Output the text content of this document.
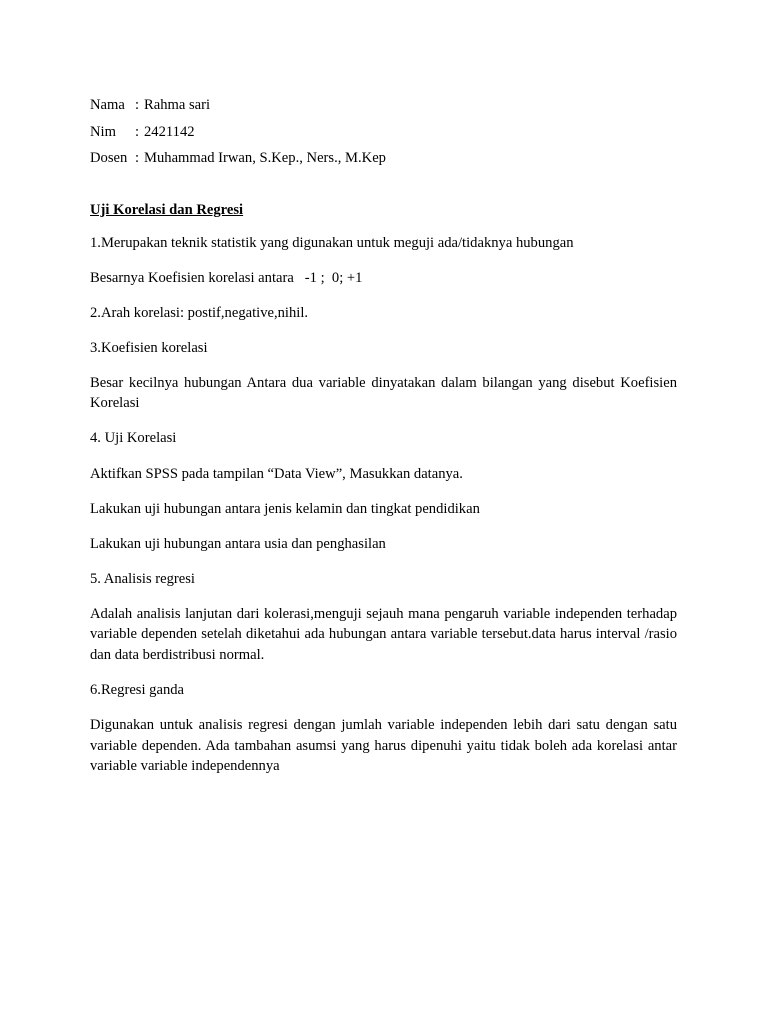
Nama	:	Rahma sari
Nim	:	2421142
Dosen	:	Muhammad Irwan, S.Kep., Ners., M.Kep
Uji Korelasi dan Regresi

1.Merupakan teknik statistik yang digunakan untuk meguji ada/tidaknya hubungan

Besarnya Koefisien korelasi antara   -1 ;  0; +1

2.Arah korelasi: postif,negative,nihil.

3.Koefisien korelasi

Besar kecilnya hubungan Antara dua variable dinyatakan dalam bilangan yang disebut Koefisien Korelasi

4. Uji Korelasi

Aktifkan SPSS pada tampilan “Data View”, Masukkan datanya.

Lakukan uji hubungan antara jenis kelamin dan tingkat pendidikan

Lakukan uji hubungan antara usia dan penghasilan

5. Analisis regresi

Adalah analisis lanjutan dari kolerasi,menguji sejauh mana pengaruh variable independen terhadap variable dependen setelah diketahui ada hubungan antara variable tersebut.data harus interval /rasio dan data berdistribusi normal.

6.Regresi ganda

Digunakan untuk analisis regresi dengan jumlah variable independen lebih dari satu dengan satu variable dependen. Ada tambahan asumsi yang harus dipenuhi yaitu tidak boleh ada korelasi antar variable variable independennya
